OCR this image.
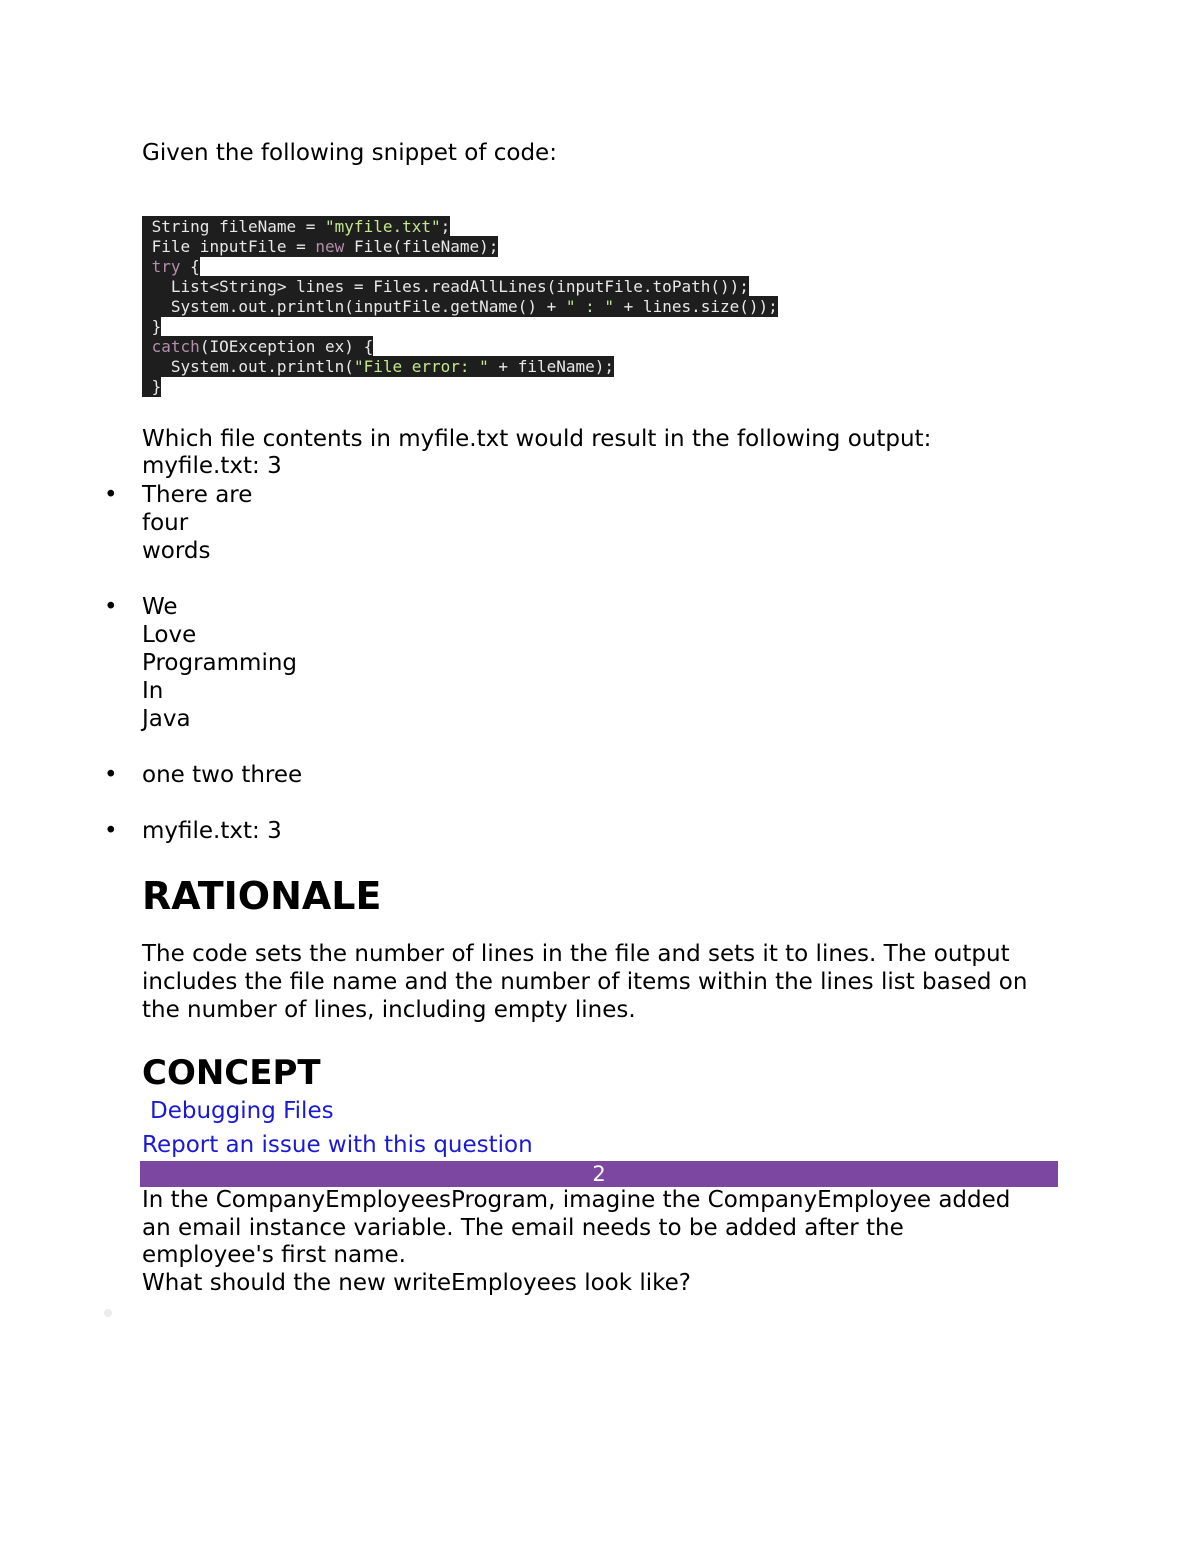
Given the following snippet of code:
String fileName = "myfile.txt";
File inputFile = new File(fileName);
try {
List<String> lines = Files.readAllLines(inputFile.toPath());
System.out.println(inputFile.getName() + " : " + lines.size());
}
catch(IOException ex) {
System.out.println("File error: " + fileName);
}
Which file contents in myfile.txt would result in the following output:
myfile.txt: 3
• There are
four
words
• We
Love
Programming
In
Java
• one two three
• myfile.txt: 3
RATIONALE

The code sets the number of lines in the file and sets it to lines. The output includes the file name and the number of items within the lines list based on the number of lines, including empty lines.

CONCEPT
Debugging Files
Report an issue with this question
2
In the CompanyEmployeesProgram, imagine the CompanyEmployee added
an email instance variable. The email needs to be added after the
employee's first name.
What should the new writeEmployees look like?
